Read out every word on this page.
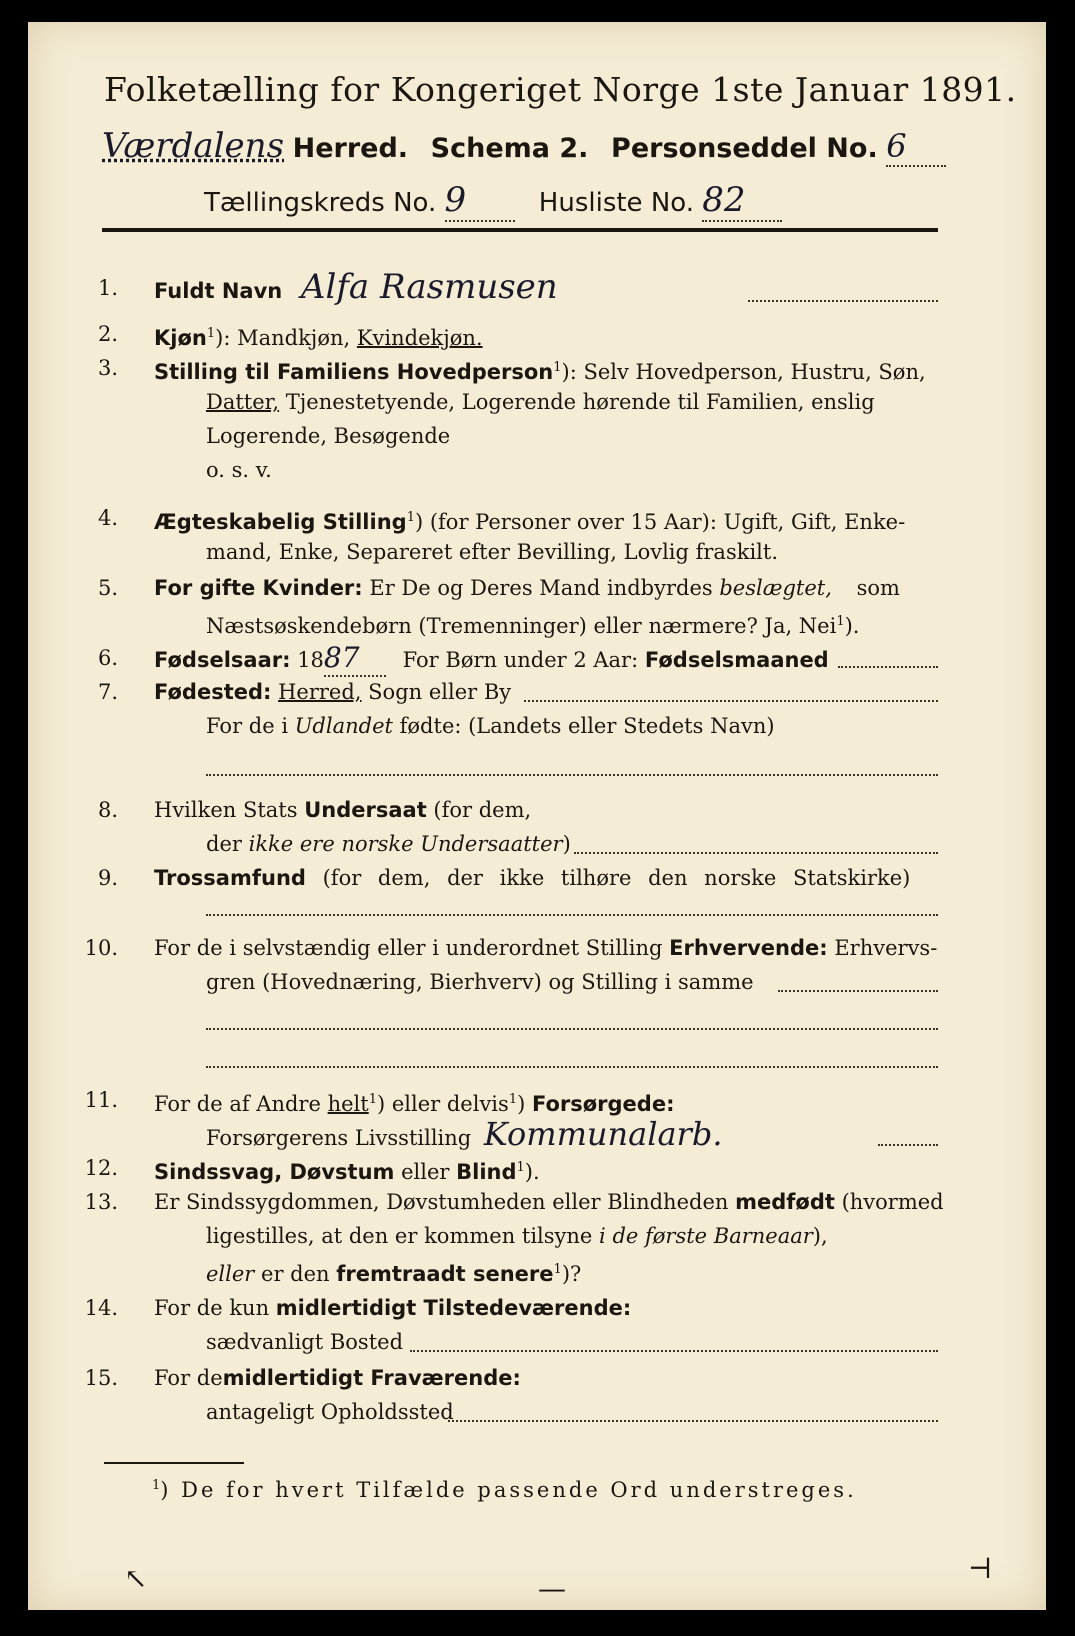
Folketælling for Kongeriget Norge 1ste Januar 1891.
Værdalens Herred. Schema 2. Personseddel No. 6
Tællingskreds No. 9	Husliste No. 82
1. Fuldt Navn Alfa Rasmusen
2. Kjøn$^1$): Mandkjøn, Kvindekjøn.
3. Stilling til Familiens Hovedperson$^1$): Selv Hovedperson, Hustru, Søn,
Datter, Tjenestetyende, Logerende hørende til Familien, enslig
Logerende, Besøgende
o. s. v.
4. Ægteskabelig Stilling$^1$) (for Personer over 15 Aar): Ugift, Gift, Enke-
mand, Enke, Separeret efter Bevilling, Lovlig fraskilt.
5. For gifte Kvinder: Er De og Deres Mand indbyrdes beslægtet, som
Næstsøskendebørn (Tremenninger) eller nærmere? Ja, Nei$^1$).
6. Fødselsaar: 1887 For Børn under 2 Aar: Fødselsmaaned
7. Fødested: Herred, Sogn eller By
For de i Udlandet fødte: (Landets eller Stedets Navn)
8. Hvilken Stats Undersaat (for dem,
der ikke ere norske Undersaatter)
9. Trossamfund (for dem, der ikke tilhøre den norske Statskirke)
10. For de i selvstændig eller i underordnet Stilling Erhvervende: Erhvervs-
gren (Hovednæring, Bierhverv) og Stilling i samme
11. For de af Andre helt$^1$) eller delvis$^1$) Forsørgede:
Forsørgerens Livsstilling Kommunalarb.
12. Sindssvag, Døvstum eller Blind$^1$).
13. Er Sindssygdommen, Døvstumheden eller Blindheden medfødt (hvormed
ligestilles, at den er kommen tilsyne i de første Barneaar),
eller er den fremtraadt senere$^1$)?
14. For de kun midlertidigt Tilstedeværende:
sædvanligt Bosted
15. For demidlertidigt Fraværende:
antageligt Opholdssted
$^1$) De for hvert Tilfælde passende Ord understreges.
↖	—
⊣
